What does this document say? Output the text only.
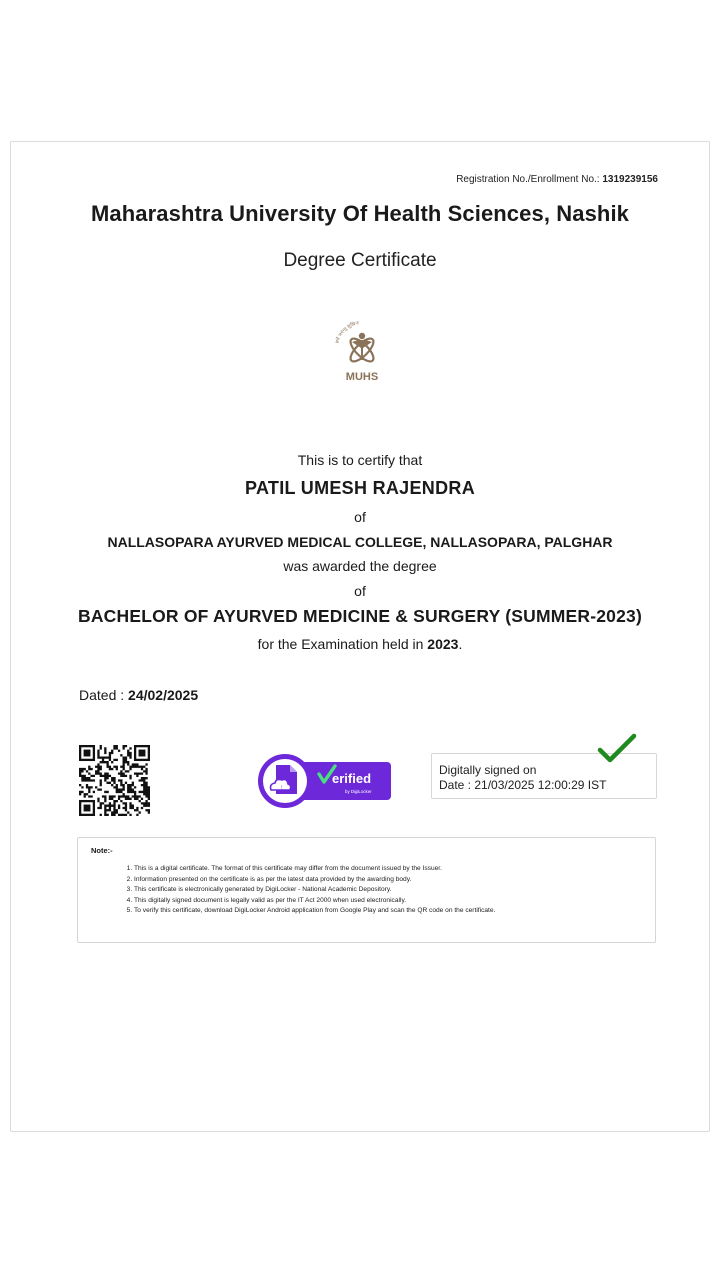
Registration No./Enrollment No.: 1319239156
Maharashtra University Of Health Sciences, Nashik
Degree Certificate
सर्वे भवन्तु सुखिनः
MUHS
This is to certify that
PATIL UMESH RAJENDRA
of
NALLASOPARA AYURVED MEDICAL COLLEGE, NALLASOPARA, PALGHAR
was awarded the degree
of
BACHELOR OF AYURVED MEDICINE & SURGERY (SUMMER-2023)
for the Examination held in 2023.
Dated : 24/02/2025
↑
erified
by DigiLocker
Digitally signed on
Date : 21/03/2025 12:00:29 IST
Note:-
1. This is a digital certificate. The format of this certificate may differ from the document issued by the Issuer.
2. Information presented on the certificate is as per the latest data provided by the awarding body.
3. This certificate is electronically generated by DigiLocker - National Academic Depository.
4. This digitally signed document is legally valid as per the IT Act 2000 when used electronically.
5. To verify this certificate, download DigiLocker Android application from Google Play and scan the QR code on the certificate.
